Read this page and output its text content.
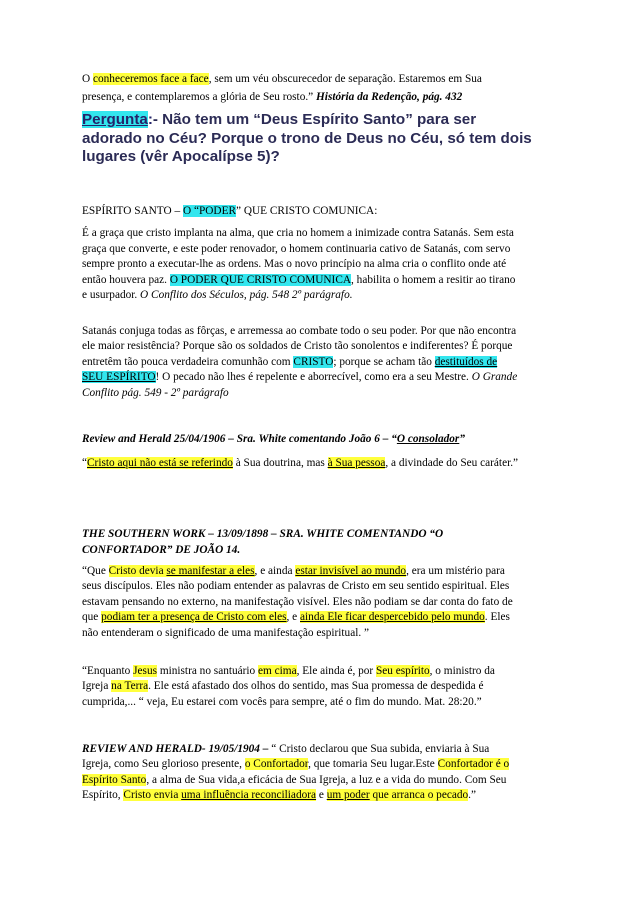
O conheceremos face a face, sem um véu obscurecedor de separação. Estaremos em Sua

presença, e contemplaremos a glória de Seu rosto.” História da Redenção, pág. 432

Pergunta:- Não tem um “Deus Espírito Santo” para ser

adorado no Céu? Porque o trono de Deus no Céu, só tem dois

lugares (vêr Apocalípse 5)?

ESPÍRITO SANTO – O “PODER” QUE CRISTO COMUNICA:

É a graça que cristo implanta na alma, que cria no homem a inimizade contra Satanás. Sem esta

graça que converte, e este poder renovador, o homem continuaria cativo de Satanás, com servo

sempre pronto a executar-lhe as ordens. Mas o novo princípio na alma cria o conflito onde até

então houvera paz. O PODER QUE CRISTO COMUNICA, habilita o homem a resitir ao tirano

e usurpador. O Conflito dos Séculos, pág. 548 2º parágrafo.

Satanás conjuga todas as fôrças, e arremessa ao combate todo o seu poder. Por que não encontra

ele maior resistência? Porque são os soldados de Cristo tão sonolentos e indiferentes? É porque

entretêm tão pouca verdadeira comunhão com CRISTO; porque se acham tão destituídos de

SEU ESPÍRITO! O pecado não lhes é repelente e aborrecível, como era a seu Mestre. O Grande

Conflito pág. 549 - 2º parágrafo

Review and Herald 25/04/1906 – Sra. White comentando João 6 – “O consolador”

“Cristo aqui não está se referindo à Sua doutrina, mas à Sua pessoa, a divindade do Seu caráter.”

THE SOUTHERN WORK – 13/09/1898 – SRA. WHITE COMENTANDO “O

CONFORTADOR” DE JOÃO 14.

“Que Cristo devia se manifestar a eles, e ainda estar invisível ao mundo, era um mistério para

seus discípulos. Eles não podiam entender as palavras de Cristo em seu sentido espiritual. Eles

estavam pensando no externo, na manifestação visível. Eles não podiam se dar conta do fato de

que podiam ter a presença de Cristo com eles, e ainda Ele ficar despercebido pelo mundo. Eles

não entenderam o significado de uma manifestação espiritual. ”

“Enquanto Jesus ministra no santuário em cima, Ele ainda é, por Seu espírito, o ministro da

Igreja na Terra. Ele está afastado dos olhos do sentido, mas Sua promessa de despedida é

cumprida,... “ veja, Eu estarei com vocês para sempre, até o fim do mundo. Mat. 28:20.”

REVIEW AND HERALD- 19/05/1904 – “ Cristo declarou que Sua subida, enviaria à Sua

Igreja, como Seu glorioso presente, o Confortador, que tomaria Seu lugar.Este Confortador é o

Espírito Santo, a alma de Sua vida,a eficácia de Sua Igreja, a luz e a vida do mundo. Com Seu

Espírito, Cristo envia uma influência reconciliadora e um poder que arranca o pecado.”
